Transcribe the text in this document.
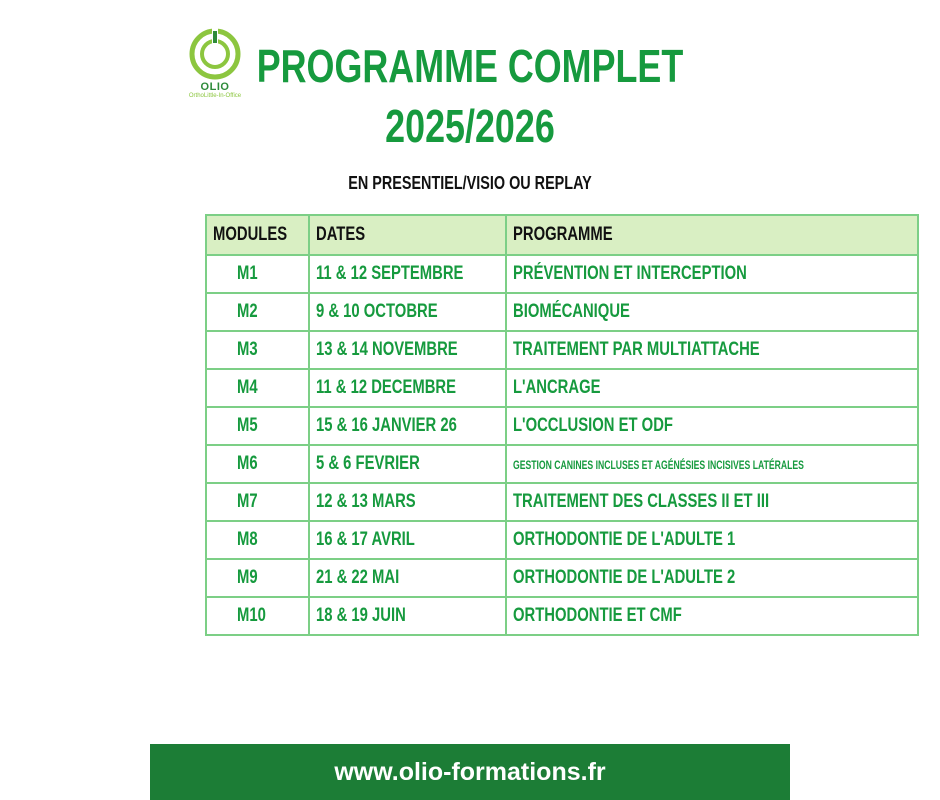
OLIO
OrthoLittle-In-Office
PROGRAMME COMPLET
2025/2026
EN PRESENTIEL/VISIO OU REPLAY
MODULES	DATES	PROGRAMME
M1	11 & 12 SEPTEMBRE	PRÉVENTION ET INTERCEPTION
M2	9 & 10 OCTOBRE	BIOMÉCANIQUE
M3	13 & 14 NOVEMBRE	TRAITEMENT PAR MULTIATTACHE
M4	11 & 12 DECEMBRE	L'ANCRAGE
M5	15 & 16 JANVIER 26	L'OCCLUSION ET ODF
M6	5 & 6 FEVRIER	GESTION CANINES INCLUSES ET AGÉNÉSIES INCISIVES LATÉRALES
M7	12 & 13 MARS	TRAITEMENT DES CLASSES II ET III
M8	16 & 17 AVRIL	ORTHODONTIE DE L'ADULTE 1
M9	21 & 22 MAI	ORTHODONTIE DE L'ADULTE 2
M10	18 & 19 JUIN	ORTHODONTIE ET CMF
www.olio-formations.fr
